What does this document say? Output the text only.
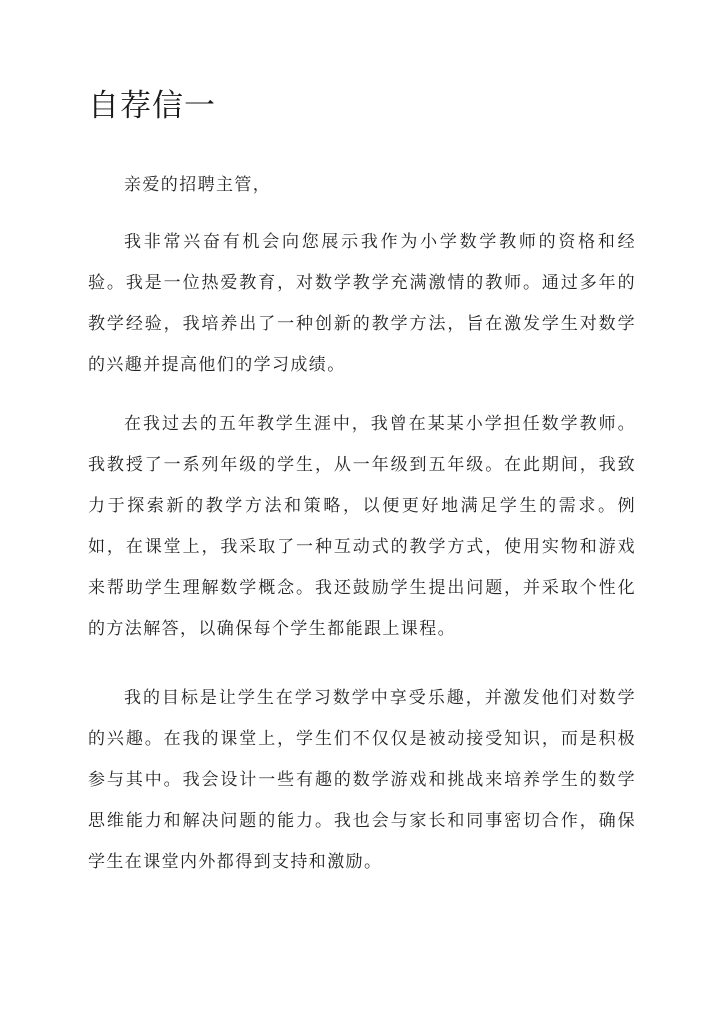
自荐信一

亲爱的招聘主管，

我非常兴奋有机会向您展示我作为小学数学教师的资格和经验。我是一位热爱教育，对数学教学充满激情的教师。通过多年的教学经验，我培养出了一种创新的教学方法，旨在激发学生对数学的兴趣并提高他们的学习成绩。

在我过去的五年教学生涯中，我曾在某某小学担任数学教师。我教授了一系列年级的学生，从一年级到五年级。在此期间，我致力于探索新的教学方法和策略，以便更好地满足学生的需求。例如，在课堂上，我采取了一种互动式的教学方式，使用实物和游戏来帮助学生理解数学概念。我还鼓励学生提出问题，并采取个性化的方法解答，以确保每个学生都能跟上课程。

我的目标是让学生在学习数学中享受乐趣，并激发他们对数学的兴趣。在我的课堂上，学生们不仅仅是被动接受知识，而是积极参与其中。我会设计一些有趣的数学游戏和挑战来培养学生的数学思维能力和解决问题的能力。我也会与家长和同事密切合作，确保学生在课堂内外都得到支持和激励。
